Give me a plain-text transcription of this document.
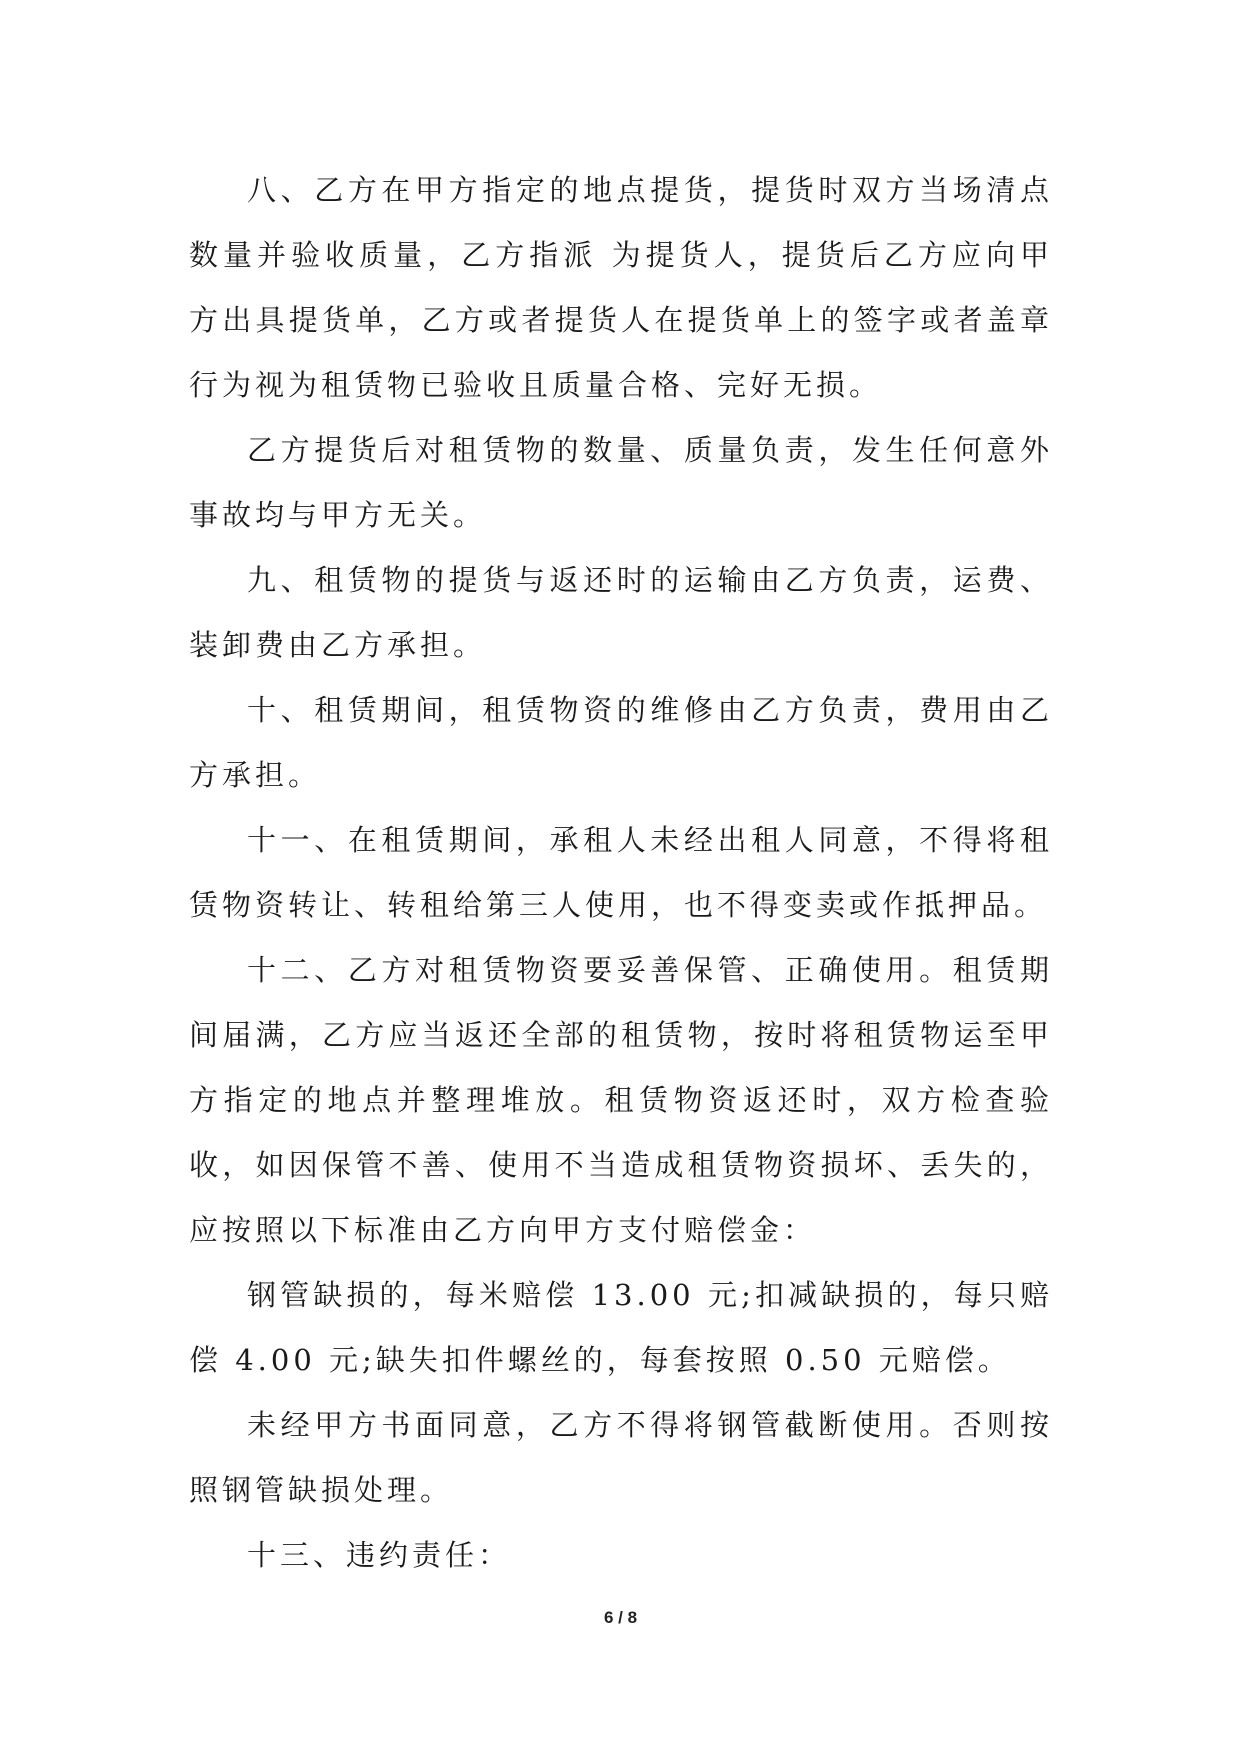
八、乙方在甲方指定的地点提货，提货时双方当场清点数量并验收质量，乙方指派 为提货人，提货后乙方应向甲方出具提货单，乙方或者提货人在提货单上的签字或者盖章行为视为租赁物已验收且质量合格、完好无损。

乙方提货后对租赁物的数量、质量负责，发生任何意外事故均与甲方无关。

九、租赁物的提货与返还时的运输由乙方负责，运费、装卸费由乙方承担。

十、租赁期间，租赁物资的维修由乙方负责，费用由乙方承担。

十一、在租赁期间，承租人未经出租人同意，不得将租赁物资转让、转租给第三人使用，也不得变卖或作抵押品。

十二、乙方对租赁物资要妥善保管、正确使用。租赁期间届满，乙方应当返还全部的租赁物，按时将租赁物运至甲方指定的地点并整理堆放。租赁物资返还时，双方检查验收，如因保管不善、使用不当造成租赁物资损坏、丢失的，应按照以下标准由乙方向甲方支付赔偿金：

钢管缺损的，每米赔偿 13.00 元;扣减缺损的，每只赔偿 4.00 元;缺失扣件螺丝的，每套按照 0.50 元赔偿。

未经甲方书面同意，乙方不得将钢管截断使用。否则按照钢管缺损处理。

十三、违约责任：

6 / 8
